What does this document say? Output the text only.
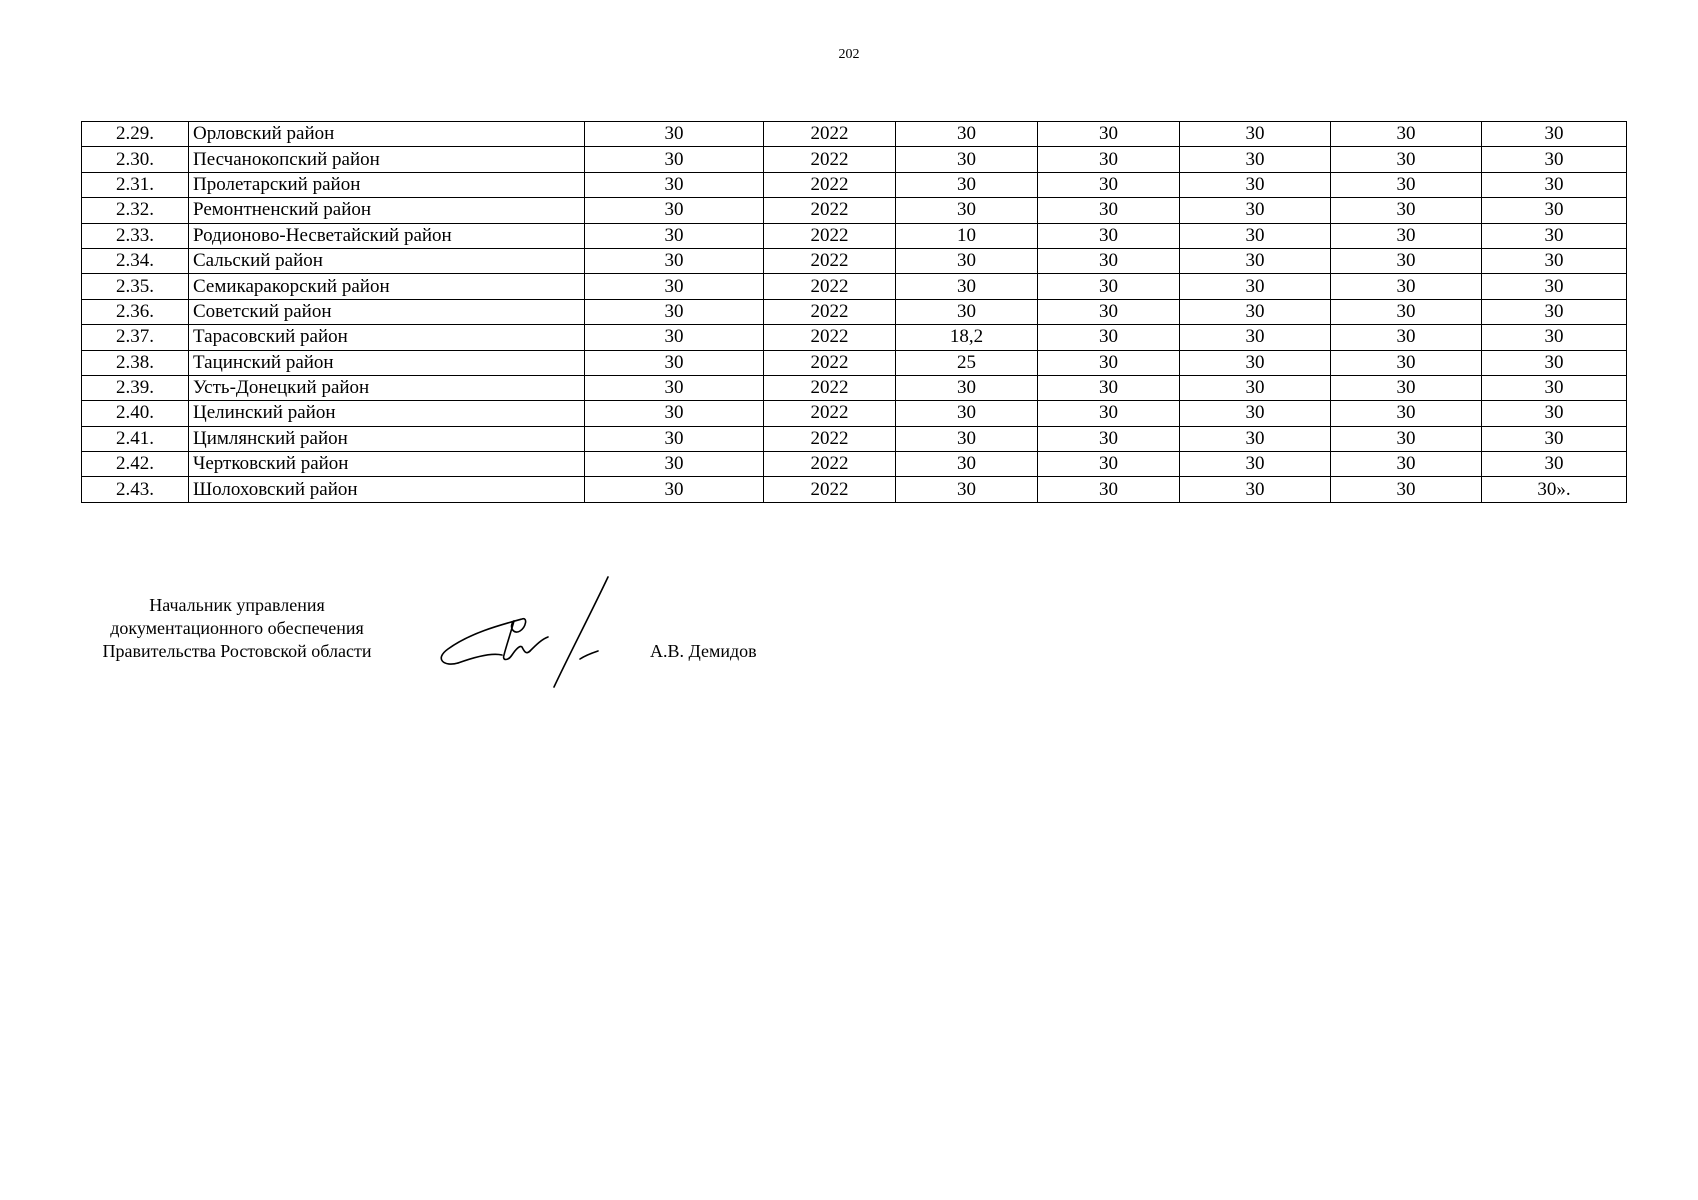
202
2.29.	Орловский район	30	2022	30	30	30	30	30
2.30.	Песчанокопский район	30	2022	30	30	30	30	30
2.31.	Пролетарский район	30	2022	30	30	30	30	30
2.32.	Ремонтненский район	30	2022	30	30	30	30	30
2.33.	Родионово-Несветайский район	30	2022	10	30	30	30	30
2.34.	Сальский район	30	2022	30	30	30	30	30
2.35.	Семикаракорский район	30	2022	30	30	30	30	30
2.36.	Советский район	30	2022	30	30	30	30	30
2.37.	Тарасовский район	30	2022	18,2	30	30	30	30
2.38.	Тацинский район	30	2022	25	30	30	30	30
2.39.	Усть-Донецкий район	30	2022	30	30	30	30	30
2.40.	Целинский район	30	2022	30	30	30	30	30
2.41.	Цимлянский район	30	2022	30	30	30	30	30
2.42.	Чертковский район	30	2022	30	30	30	30	30
2.43.	Шолоховский район	30	2022	30	30	30	30	30».
Начальник управления
документационного обеспечения
Правительства Ростовской области	А.В. Демидов
